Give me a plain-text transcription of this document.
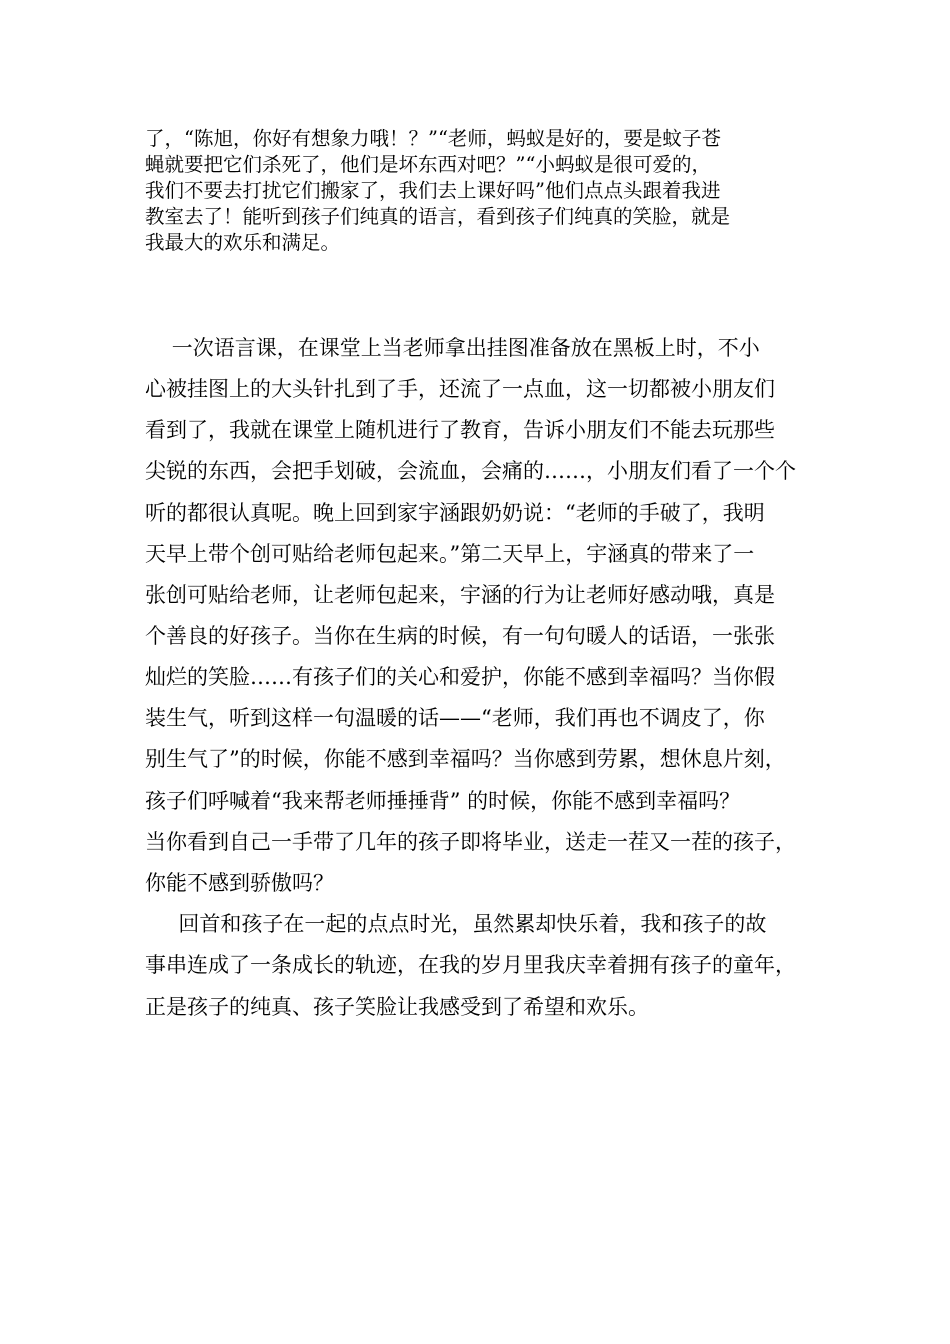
了，“陈旭，你好有想象力哦！？”“老师，蚂蚁是好的，要是蚊子苍
蝇就要把它们杀死了，他们是坏东西对吧？”“小蚂蚁是很可爱的，
我们不要去打扰它们搬家了，我们去上课好吗”他们点点头跟着我进
教室去了！能听到孩子们纯真的语言，看到孩子们纯真的笑脸，就是
我最大的欢乐和满足。
一次语言课，在课堂上当老师拿出挂图准备放在黑板上时，不小
心被挂图上的大头针扎到了手，还流了一点血，这一切都被小朋友们
看到了，我就在课堂上随机进行了教育，告诉小朋友们不能去玩那些
尖锐的东西，会把手划破，会流血，会痛的……，小朋友们看了一个个
听的都很认真呢。晚上回到家宇涵跟奶奶说：“老师的手破了，我明
天早上带个创可贴给老师包起来。”第二天早上，宇涵真的带来了一
张创可贴给老师，让老师包起来，宇涵的行为让老师好感动哦，真是
个善良的好孩子。当你在生病的时候，有一句句暖人的话语，一张张
灿烂的笑脸……有孩子们的关心和爱护，你能不感到幸福吗？当你假
装生气，听到这样一句温暖的话——“老师，我们再也不调皮了，你
别生气了”的时候，你能不感到幸福吗？当你感到劳累，想休息片刻，
孩子们呼喊着“我来帮老师捶捶背” 的时候，你能不感到幸福吗？
当你看到自己一手带了几年的孩子即将毕业，送走一茬又一茬的孩子，
你能不感到骄傲吗？
回首和孩子在一起的点点时光，虽然累却快乐着，我和孩子的故
事串连成了一条成长的轨迹，在我的岁月里我庆幸着拥有孩子的童年，
正是孩子的纯真、孩子笑脸让我感受到了希望和欢乐。
